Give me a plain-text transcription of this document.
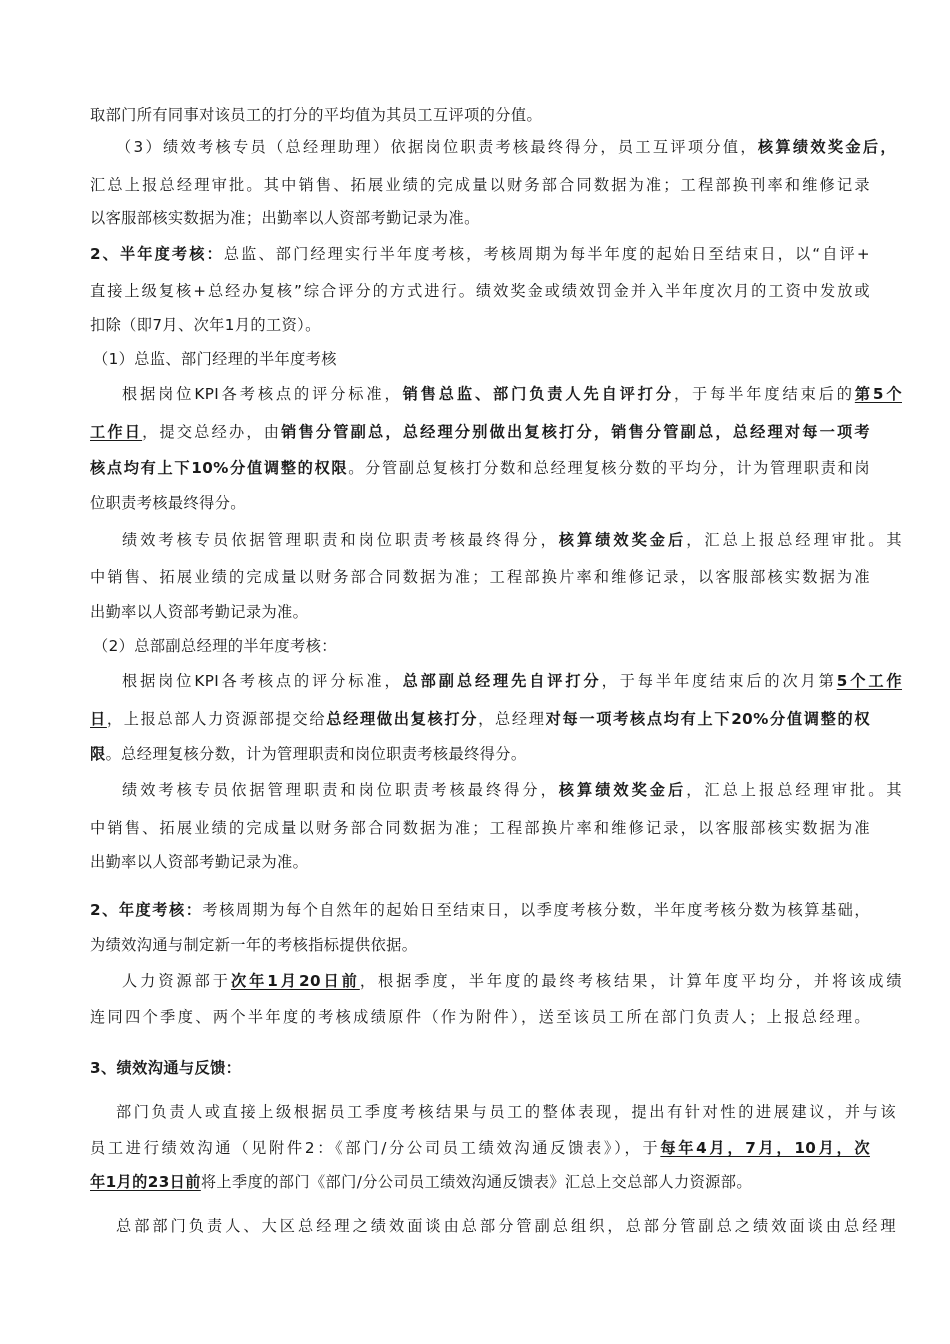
取部门所有同事对该员工的打分的平均值为其员工互评项的分值。
（3）绩效考核专员（总经理助理）依据岗位职责考核最终得分，员工互评项分值，核算绩效奖金后，
汇总上报总经理审批。其中销售、拓展业绩的完成量以财务部合同数据为准；工程部换刊率和维修记录
以客服部核实数据为准；出勤率以人资部考勤记录为准。
2、半年度考核：总监、部门经理实行半年度考核，考核周期为每半年度的起始日至结束日，以“自评+
直接上级复核+总经办复核”综合评分的方式进行。绩效奖金或绩效罚金并入半年度次月的工资中发放或
扣除（即7月、次年1月的工资）。
（1）总监、部门经理的半年度考核
根据岗位KPI各考核点的评分标准，销售总监、部门负责人先自评打分，于每半年度结束后的第5个
工作日，提交总经办，由销售分管副总，总经理分别做出复核打分，销售分管副总，总经理对每一项考
核点均有上下10%分值调整的权限。分管副总复核打分数和总经理复核分数的平均分，计为管理职责和岗
位职责考核最终得分。
绩效考核专员依据管理职责和岗位职责考核最终得分，核算绩效奖金后，汇总上报总经理审批。其
中销售、拓展业绩的完成量以财务部合同数据为准；工程部换片率和维修记录，以客服部核实数据为准
出勤率以人资部考勤记录为准。
（2）总部副总经理的半年度考核：
根据岗位KPI各考核点的评分标准，总部副总经理先自评打分，于每半年度结束后的次月第5个工作
日，上报总部人力资源部提交给总经理做出复核打分，总经理对每一项考核点均有上下20%分值调整的权
限。总经理复核分数，计为管理职责和岗位职责考核最终得分。
绩效考核专员依据管理职责和岗位职责考核最终得分，核算绩效奖金后，汇总上报总经理审批。其
中销售、拓展业绩的完成量以财务部合同数据为准；工程部换片率和维修记录，以客服部核实数据为准
出勤率以人资部考勤记录为准。
2、年度考核：考核周期为每个自然年的起始日至结束日，以季度考核分数，半年度考核分数为核算基础，
为绩效沟通与制定新一年的考核指标提供依据。
人力资源部于次年1月20日前，根据季度，半年度的最终考核结果，计算年度平均分，并将该成绩
连同四个季度、两个半年度的考核成绩原件（作为附件），送至该员工所在部门负责人；上报总经理。
3、绩效沟通与反馈：
部门负责人或直接上级根据员工季度考核结果与员工的整体表现，提出有针对性的进展建议，并与该
员工进行绩效沟通（见附件2：《部门/分公司员工绩效沟通反馈表》），于每年4月，7月，10月，次
年1月的23日前将上季度的部门《部门/分公司员工绩效沟通反馈表》汇总上交总部人力资源部。
总部部门负责人、大区总经理之绩效面谈由总部分管副总组织，总部分管副总之绩效面谈由总经理
